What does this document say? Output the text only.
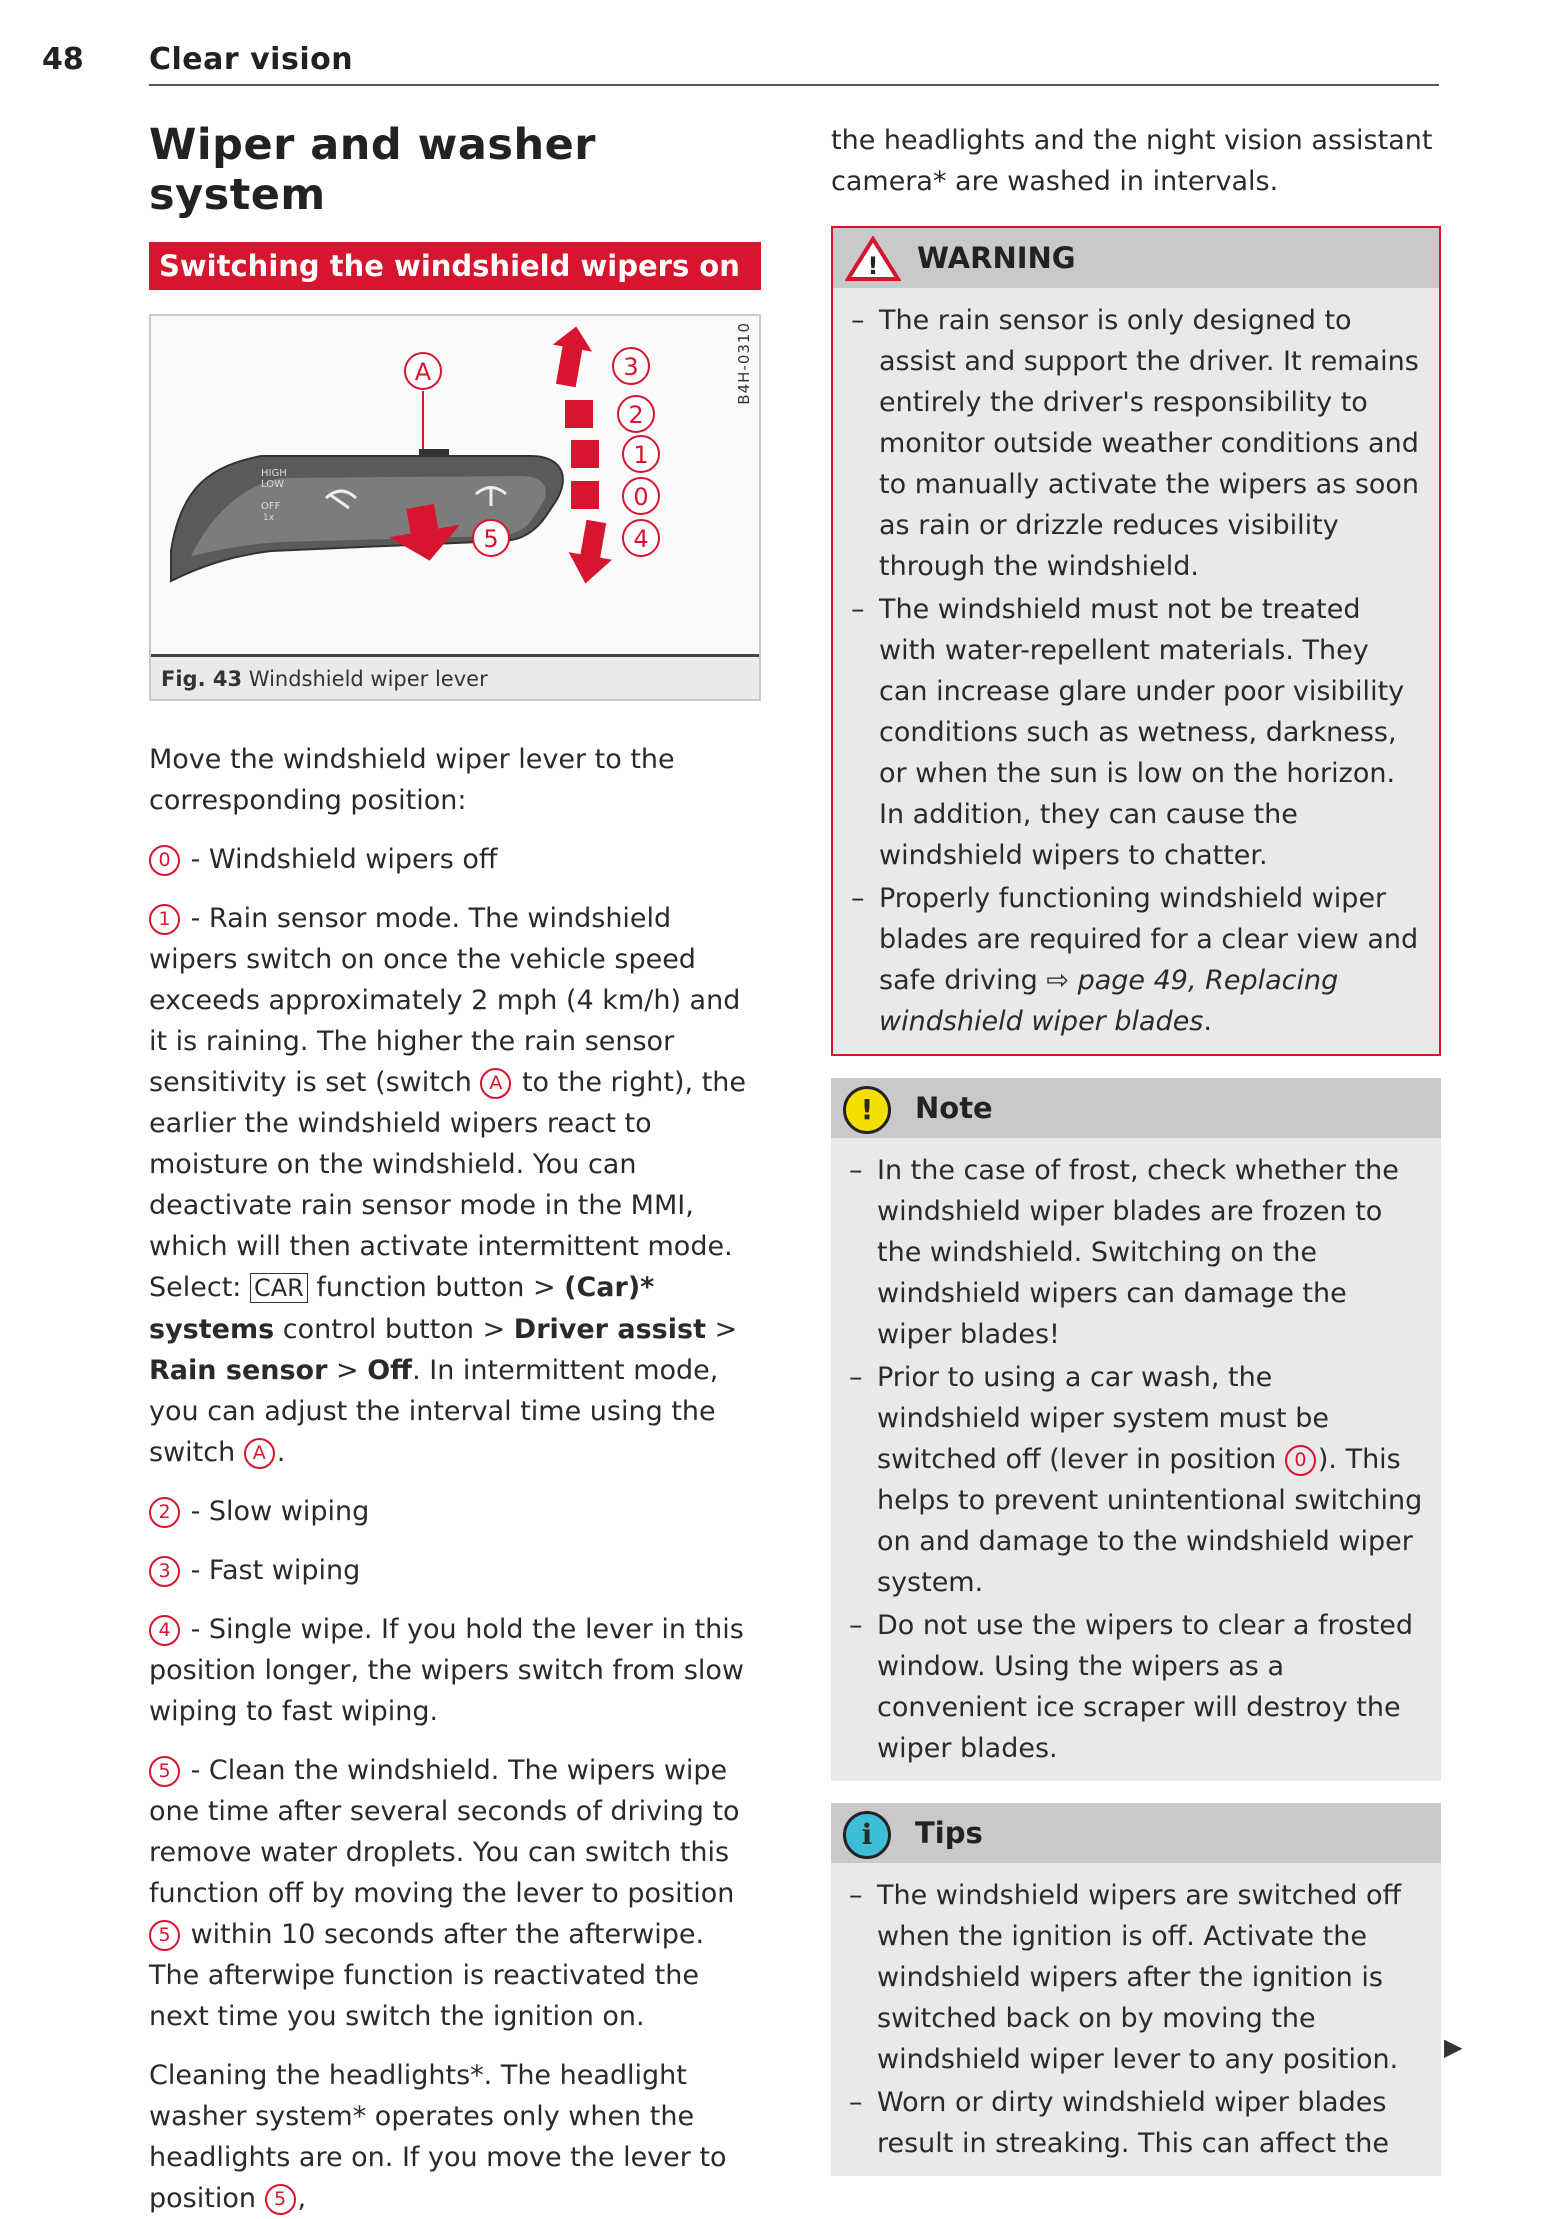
48 Clear vision
Wiper and washer system
Switching the windshield wipers on
B4H-0310
HIGH
LOW
OFF
1x
A	3
2
1
0
4
5
Fig. 43 Windshield wiper lever

Move the windshield wiper lever to the corresponding position:

0 - Windshield wipers off

1 - Rain sensor mode. The windshield wipers switch on once the vehicle speed exceeds approximately 2 mph (4 km/h) and it is raining. The higher the rain sensor sensitivity is set (switch A to the right), the earlier the windshield wipers react to moisture on the windshield. You can deactivate rain sensor mode in the MMI, which will then activate intermittent mode. Select: CAR function button > (Car)* systems control button > Driver assist > Rain sensor > Off. In intermittent mode, you can adjust the interval time using the switch A .

2 - Slow wiping

3 - Fast wiping

4 - Single wipe. If you hold the lever in this position longer, the wipers switch from slow wiping to fast wiping.

5 - Clean the windshield. The wipers wipe one time after several seconds of driving to remove water droplets. You can switch this function off by moving the lever to position 5 within 10 seconds after the afterwipe. The afterwipe function is reactivated the next time you switch the ignition on.

Cleaning the headlights*. The headlight washer system* operates only when the headlights are on. If you move the lever to position 5 ,

the headlights and the night vision assistant camera* are washed in intervals.

! WARNING
– The rain sensor is only designed to assist and support the driver. It remains entirely the driver's responsibility to monitor outside weather conditions and to manually activate the wipers as soon as rain or drizzle reduces visibility through the windshield.
– The windshield must not be treated with water-repellent materials. They can increase glare under poor visibility conditions such as wetness, darkness, or when the sun is low on the horizon. In addition, they can cause the windshield wipers to chatter.
– Properly functioning windshield wiper blades are required for a clear view and safe driving ⇨ page 49, Replacing windshield wiper blades.
!	Note
– In the case of frost, check whether the windshield wiper blades are frozen to the windshield. Switching on the windshield wipers can damage the wiper blades!
– Prior to using a car wash, the windshield wiper system must be switched off (lever in position 0 ). This helps to prevent unintentional switching on and damage to the windshield wiper system.
– Do not use the wipers to clear a frosted window. Using the wipers as a convenient ice scraper will destroy the wiper blades.
i	Tips
– The windshield wipers are switched off when the ignition is off. Activate the windshield wipers after the ignition is switched back on by moving the windshield wiper lever to any position.
– Worn or dirty windshield wiper blades result in streaking. This can affect the
▶
